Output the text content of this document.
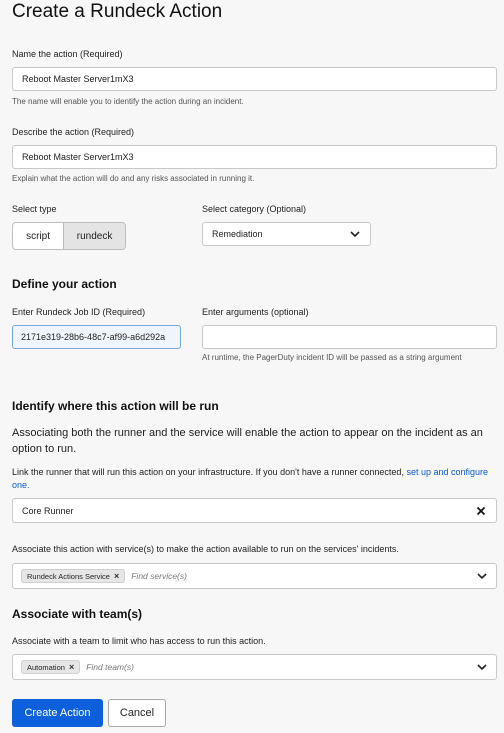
Create a Rundeck Action
Name the action (Required)
Reboot Master Server1mX3
The name will enable you to identify the action during an incident.
Describe the action (Required)
Reboot Master Server1mX3
Explain what the action will do and any risks associated in running it.
Select type
script	rundeck
Select category (Optional)
Remediation
Define your action
Enter Rundeck Job ID (Required)
2171e319-28b6-48c7-af99-a6d292a
Enter arguments (optional)
At runtime, the PagerDuty incident ID will be passed as a string argument
Identify where this action will be run
Associating both the runner and the service will enable the action to appear on the incident as an option to run.
Link the runner that will run this action on your infrastructure. If you don't have a runner connected, set up and configure one.
Core Runner
Associate this action with service(s) to make the action available to run on the services' incidents.
Rundeck Actions Service × Find service(s)
Associate with team(s)
Associate with a team to limit who has access to run this action.
Automation × Find team(s)
Create Action	Cancel
